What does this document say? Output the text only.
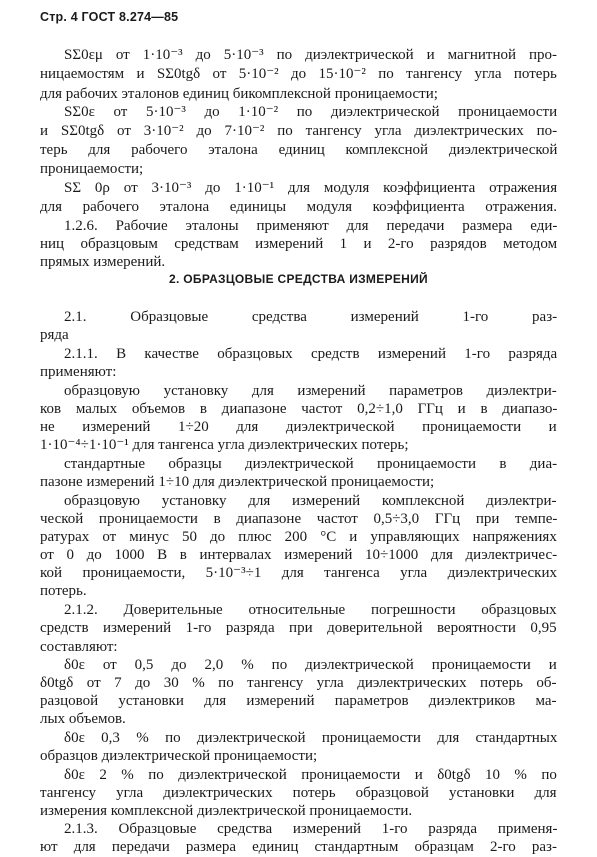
Стр. 4 ГОСТ 8.274—85
2. ОБРАЗЦОВЫЕ СРЕДСТВА ИЗМЕРЕНИЙ
SΣ0εμ от 1·10⁻³ до 5·10⁻³ по диэлектрической и магнитной про-
ницаемостям и SΣ0tgδ от 5·10⁻² до 15·10⁻² по тангенсу угла потерь
для рабочих эталонов единиц бикомплексной проницаемости;
SΣ0ε от 5·10⁻³ до 1·10⁻² по диэлектрической проницаемости
и SΣ0tgδ от 3·10⁻² до 7·10⁻² по тангенсу угла диэлектрических по-
терь для рабочего эталона единиц комплексной диэлектрической
проницаемости;
SΣ 0ρ от 3·10⁻³ до 1·10⁻¹ для модуля коэффициента отражения
для рабочего эталона единицы модуля коэффициента отражения.
1.2.6. Рабочие эталоны применяют для передачи размера еди-
ниц образцовым средствам измерений 1 и 2-го разрядов методом
прямых измерений.
2.1. Образцовые средства измерений 1-го раз-
ряда
2.1.1. В качестве образцовых средств измерений 1-го разряда
применяют:
образцовую установку для измерений параметров диэлектри-
ков малых объемов в диапазоне частот 0,2÷1,0 ГГц и в диапазо-
не измерений 1÷20 для диэлектрической проницаемости и
1·10⁻⁴÷1·10⁻¹ для тангенса угла диэлектрических потерь;
стандартные образцы диэлектрической проницаемости в диа-
пазоне измерений 1÷10 для диэлектрической проницаемости;
образцовую установку для измерений комплексной диэлектри-
ческой проницаемости в диапазоне частот 0,5÷3,0 ГГц при темпе-
ратурах от минус 50 до плюс 200 °C и управляющих напряжениях
от 0 до 1000 В в интервалах измерений 10÷1000 для диэлектричес-
кой проницаемости, 5·10⁻³÷1 для тангенса угла диэлектрических
потерь.
2.1.2. Доверительные относительные погрешности образцовых
средств измерений 1-го разряда при доверительной вероятности 0,95
составляют:
δ0ε от 0,5 до 2,0 % по диэлектрической проницаемости и
δ0tgδ от 7 до 30 % по тангенсу угла диэлектрических потерь об-
разцовой установки для измерений параметров диэлектриков ма-
лых объемов.
δ0ε 0,3 % по диэлектрической проницаемости для стандартных
образцов диэлектрической проницаемости;
δ0ε 2 % по диэлектрической проницаемости и δ0tgδ 10 % по
тангенсу угла диэлектрических потерь образцовой установки для
измерения комплексной диэлектрической проницаемости.
2.1.3. Образцовые средства измерений 1-го разряда применя-
ют для передачи размера единиц стандартным образцам 2-го раз-
